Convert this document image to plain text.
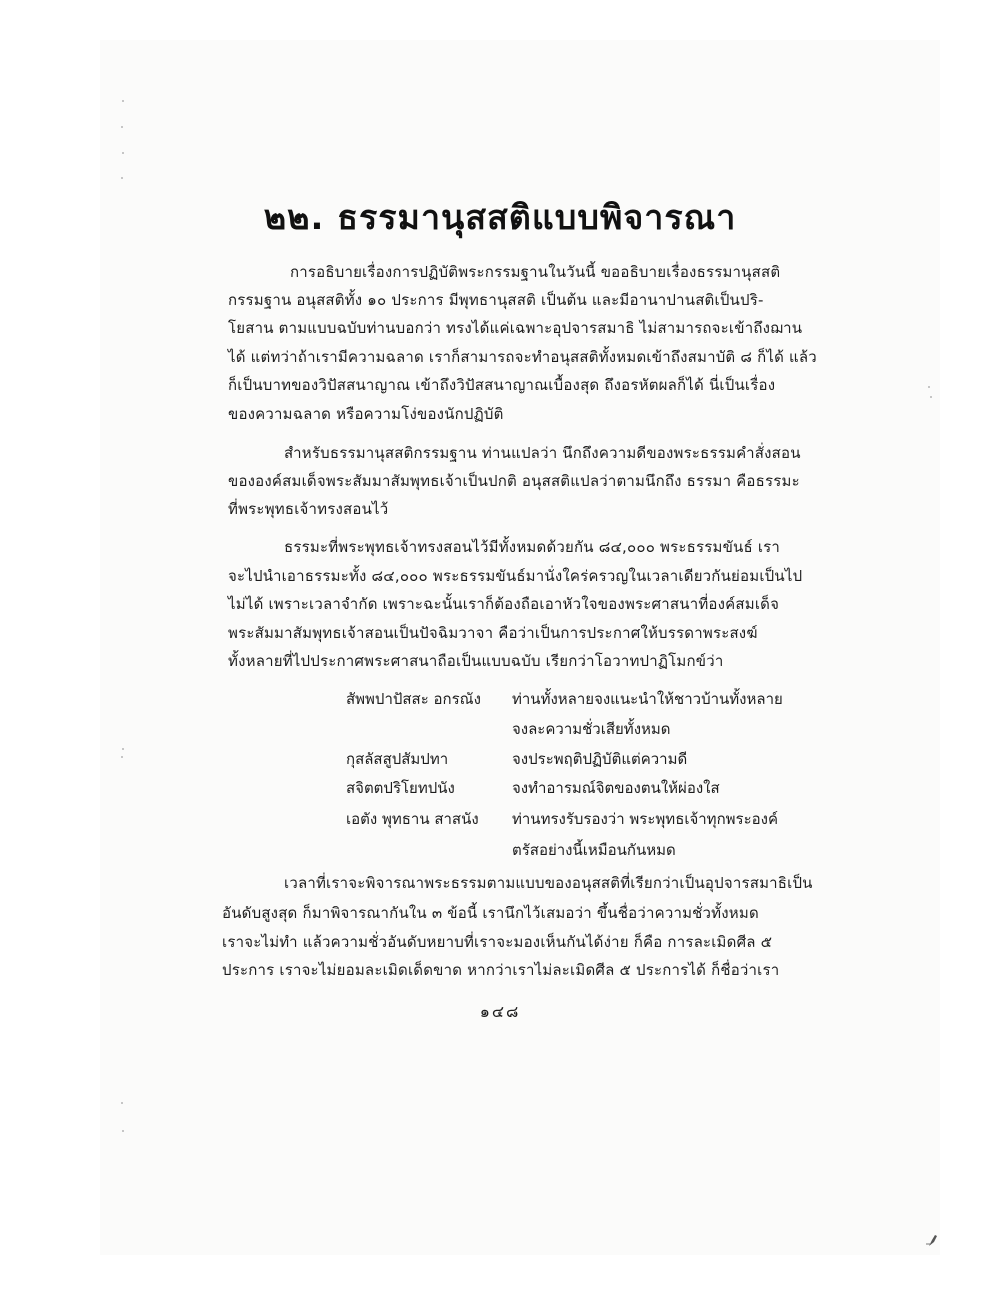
๒๒. ธรรมานุสสติแบบพิจารณา
การอธิบายเรื่องการปฏิบัติพระกรรมฐานในวันนี้ ขออธิบายเรื่องธรรมานุสสติ
กรรมฐาน อนุสสติทั้ง ๑๐ ประการ มีพุทธานุสสติ เป็นต้น และมีอานาปานสติเป็นปริ-
โยสาน ตามแบบฉบับท่านบอกว่า ทรงได้แค่เฉพาะอุปจารสมาธิ ไม่สามารถจะเข้าถึงฌาน
ได้ แต่ทว่าถ้าเรามีความฉลาด เราก็สามารถจะทำอนุสสติทั้งหมดเข้าถึงสมาบัติ ๘ ก็ได้ แล้ว
ก็เป็นบาทของวิปัสสนาญาณ เข้าถึงวิปัสสนาญาณเบื้องสุด ถึงอรหัตผลก็ได้ นี่เป็นเรื่อง
ของความฉลาด หรือความโง่ของนักปฏิบัติ
สำหรับธรรมานุสสติกรรมฐาน ท่านแปลว่า นึกถึงความดีของพระธรรมคำสั่งสอน
ขององค์สมเด็จพระสัมมาสัมพุทธเจ้าเป็นปกติ อนุสสติแปลว่าตามนึกถึง ธรรมา คือธรรมะ
ที่พระพุทธเจ้าทรงสอนไว้
ธรรมะที่พระพุทธเจ้าทรงสอนไว้มีทั้งหมดด้วยกัน ๘๔,๐๐๐ พระธรรมขันธ์ เรา
จะไปนำเอาธรรมะทั้ง ๘๔,๐๐๐ พระธรรมขันธ์มานั่งใคร่ครวญในเวลาเดียวกันย่อมเป็นไป
ไม่ได้ เพราะเวลาจำกัด เพราะฉะนั้นเราก็ต้องถือเอาหัวใจของพระศาสนาที่องค์สมเด็จ
พระสัมมาสัมพุทธเจ้าสอนเป็นปัจฉิมวาจา คือว่าเป็นการประกาศให้บรรดาพระสงฆ์
ทั้งหลายที่ไปประกาศพระศาสนาถือเป็นแบบฉบับ เรียกว่าโอวาทปาฏิโมกข์ว่า
สัพพปาปัสสะ อกรณัง ท่านทั้งหลายจงแนะนำให้ชาวบ้านทั้งหลาย
จงละความชั่วเสียทั้งหมด
กุสลัสสูปสัมปทา	จงประพฤติปฏิบัติแต่ความดี
สจิตตปริโยทปนัง	จงทำอารมณ์จิตของตนให้ผ่องใส
เอตัง พุทธาน สาสนัง ท่านทรงรับรองว่า พระพุทธเจ้าทุกพระองค์
ตรัสอย่างนี้เหมือนกันหมด
เวลาที่เราจะพิจารณาพระธรรมตามแบบของอนุสสติที่เรียกว่าเป็นอุปจารสมาธิเป็น
อันดับสูงสุด ก็มาพิจารณากันใน ๓ ข้อนี้ เรานึกไว้เสมอว่า ขึ้นชื่อว่าความชั่วทั้งหมด
เราจะไม่ทำ แล้วความชั่วอันดับหยาบที่เราจะมองเห็นกันได้ง่าย ก็คือ การละเมิดศีล ๕
ประการ เราจะไม่ยอมละเมิดเด็ดขาด หากว่าเราไม่ละเมิดศีล ๕ ประการได้ ก็ชื่อว่าเรา
๑๔๘
